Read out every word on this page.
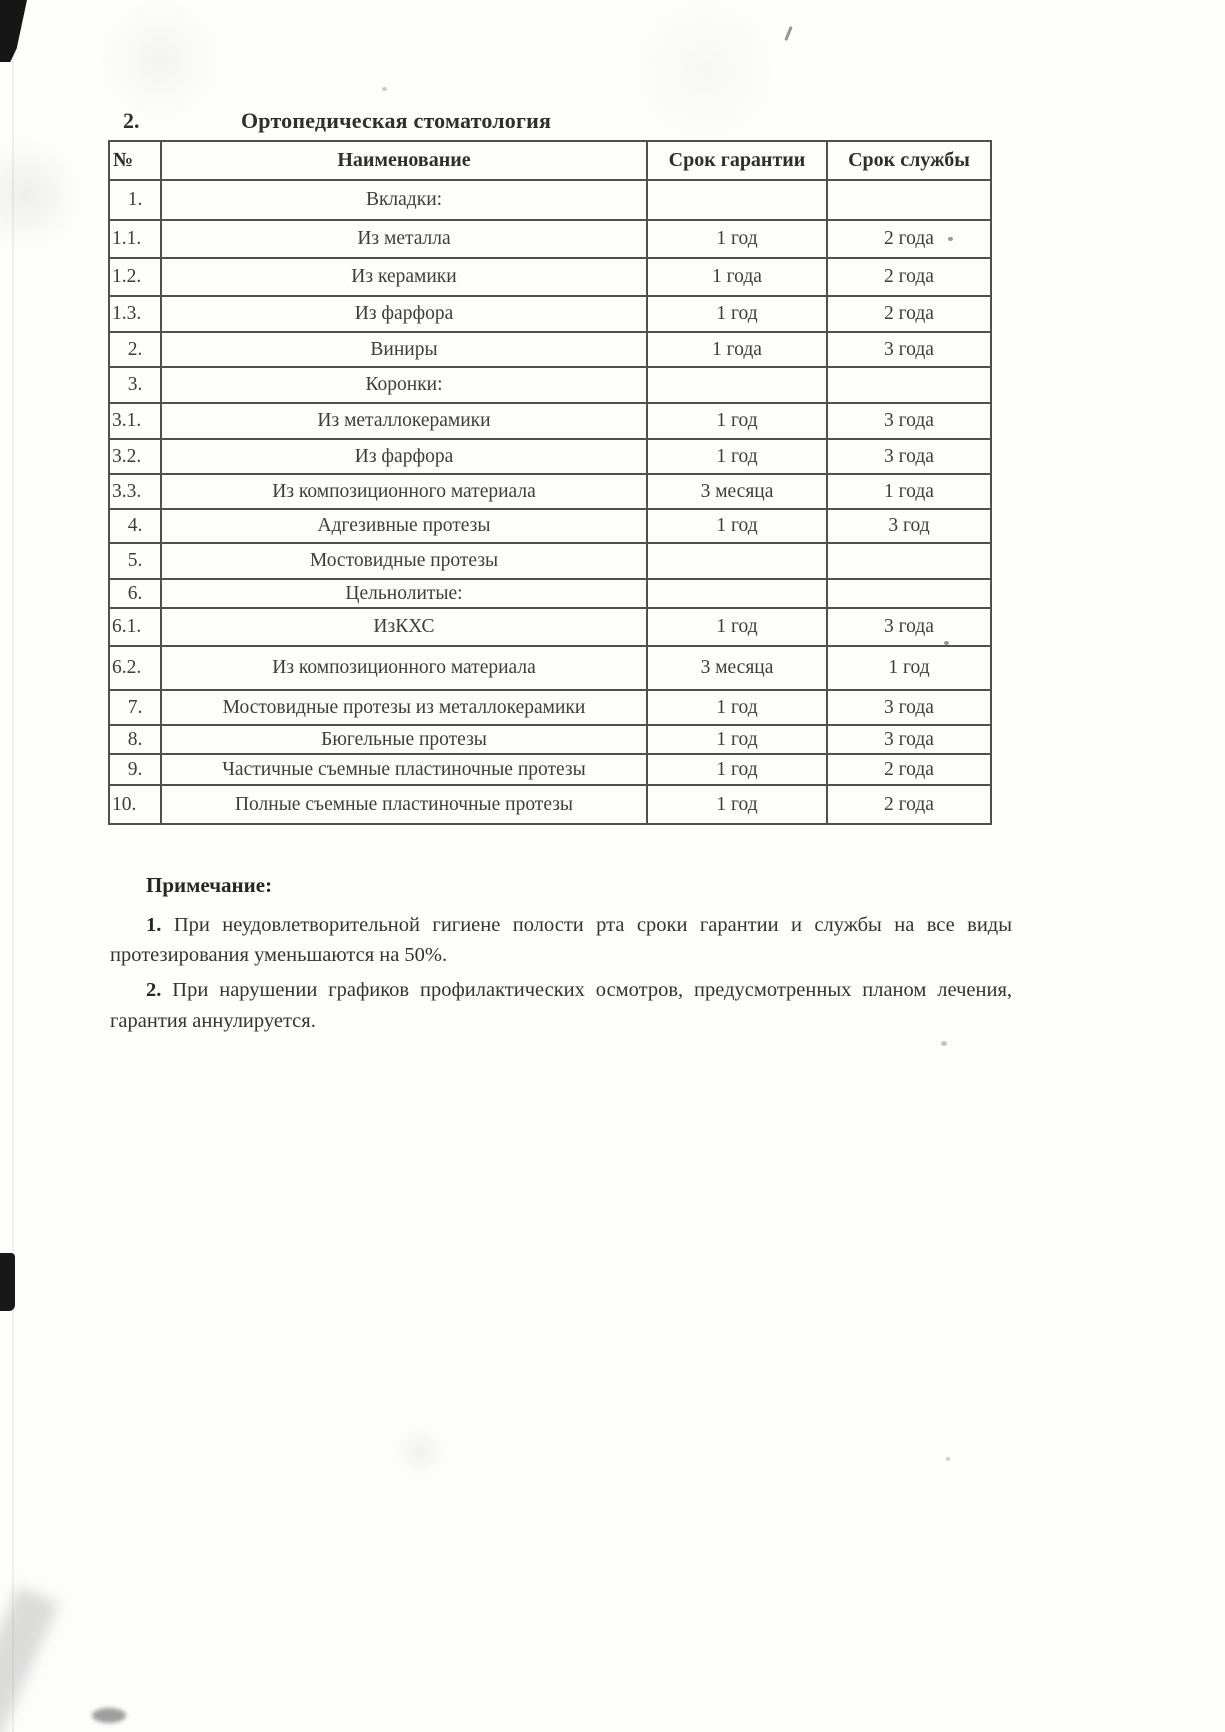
2.	Ортопедическая стоматология
№	Наименование	Срок гарантии	Срок службы
1.	Вкладки:		
1.1.	Из металла	1 год	2 года
1.2.	Из керамики	1 года	2 года
1.3.	Из фарфора	1 год	2 года
2.	Виниры	1 года	3 года
3.	Коронки:		
3.1.	Из металлокерамики	1 год	3 года
3.2.	Из фарфора	1 год	3 года
3.3.	Из композиционного материала	3 месяца	1 года
4.	Адгезивные протезы	1 год	3 год
5.	Мостовидные протезы		
6.	Цельнолитые:		
6.1.	ИзКХС	1 год	3 года
6.2.	Из композиционного материала	3 месяца	1 год
7.	Мостовидные протезы из металлокерамики	1 год	3 года
8.	Бюгельные протезы	1 год	3 года
9.	Частичные съемные пластиночные протезы	1 год	2 года
10.	Полные съемные пластиночные протезы	1 год	2 года

Примечание:

1. При неудовлетворительной гигиене полости рта сроки гарантии и службы на все виды протезирования уменьшаются на 50%.

2. При нарушении графиков профилактических осмотров, предусмотренных планом лечения, гарантия аннулируется.
